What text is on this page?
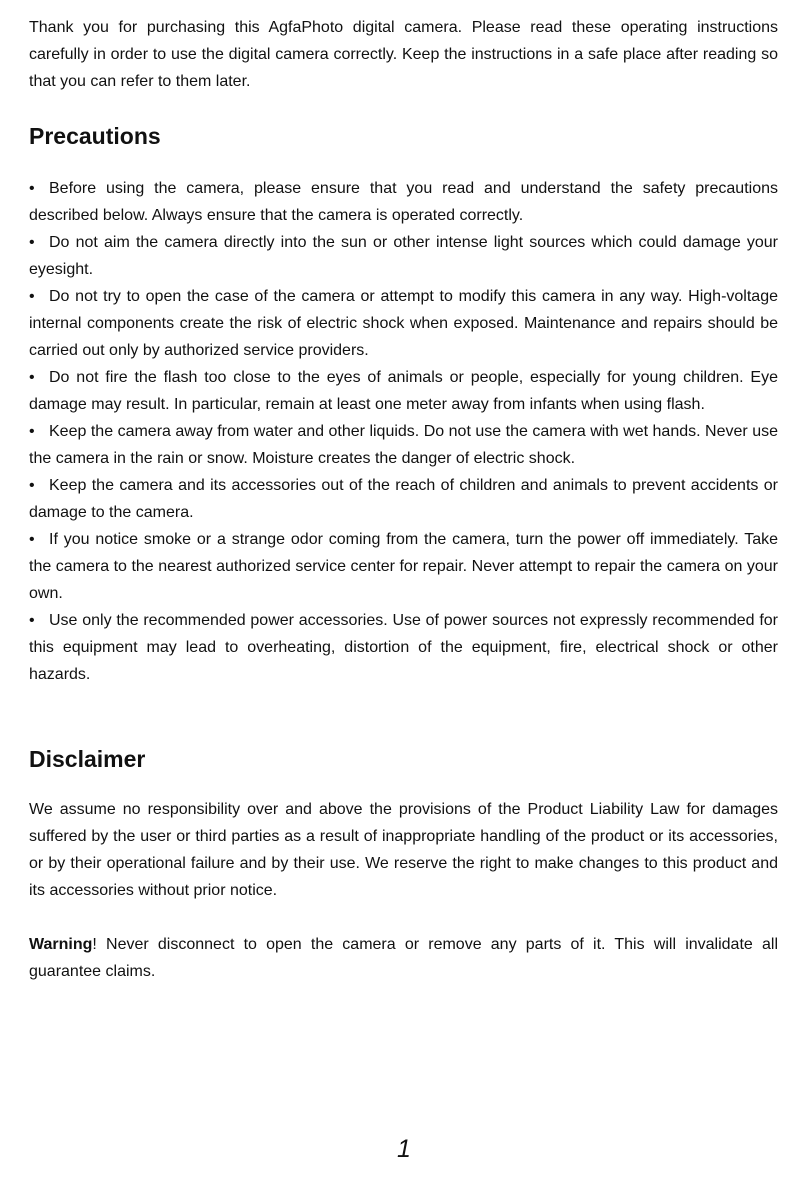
Thank you for purchasing this AgfaPhoto digital camera. Please read these operating instructions carefully in order to use the digital camera correctly. Keep the instructions in a safe place after reading so that you can refer to them later.

Precautions
• Before using the camera, please ensure that you read and understand the safety precautions described below. Always ensure that the camera is operated correctly.
• Do not aim the camera directly into the sun or other intense light sources which could damage your eyesight.
• Do not try to open the case of the camera or attempt to modify this camera in any way. High-voltage internal components create the risk of electric shock when exposed. Maintenance and repairs should be carried out only by authorized service providers.
• Do not fire the flash too close to the eyes of animals or people, especially for young children. Eye damage may result. In particular, remain at least one meter away from infants when using flash.
• Keep the camera away from water and other liquids. Do not use the camera with wet hands. Never use the camera in the rain or snow. Moisture creates the danger of electric shock.
• Keep the camera and its accessories out of the reach of children and animals to prevent accidents or damage to the camera.
• If you notice smoke or a strange odor coming from the camera, turn the power off immediately. Take the camera to the nearest authorized service center for repair. Never attempt to repair the camera on your own.
• Use only the recommended power accessories. Use of power sources not expressly recommended for this equipment may lead to overheating, distortion of the equipment, fire, electrical shock or other hazards.
Disclaimer

We assume no responsibility over and above the provisions of the Product Liability Law for damages suffered by the user or third parties as a result of inappropriate handling of the product or its accessories, or by their operational failure and by their use. We reserve the right to make changes to this product and its accessories without prior notice.

Warning! Never disconnect to open the camera or remove any parts of it. This will invalidate all guarantee claims.

1
